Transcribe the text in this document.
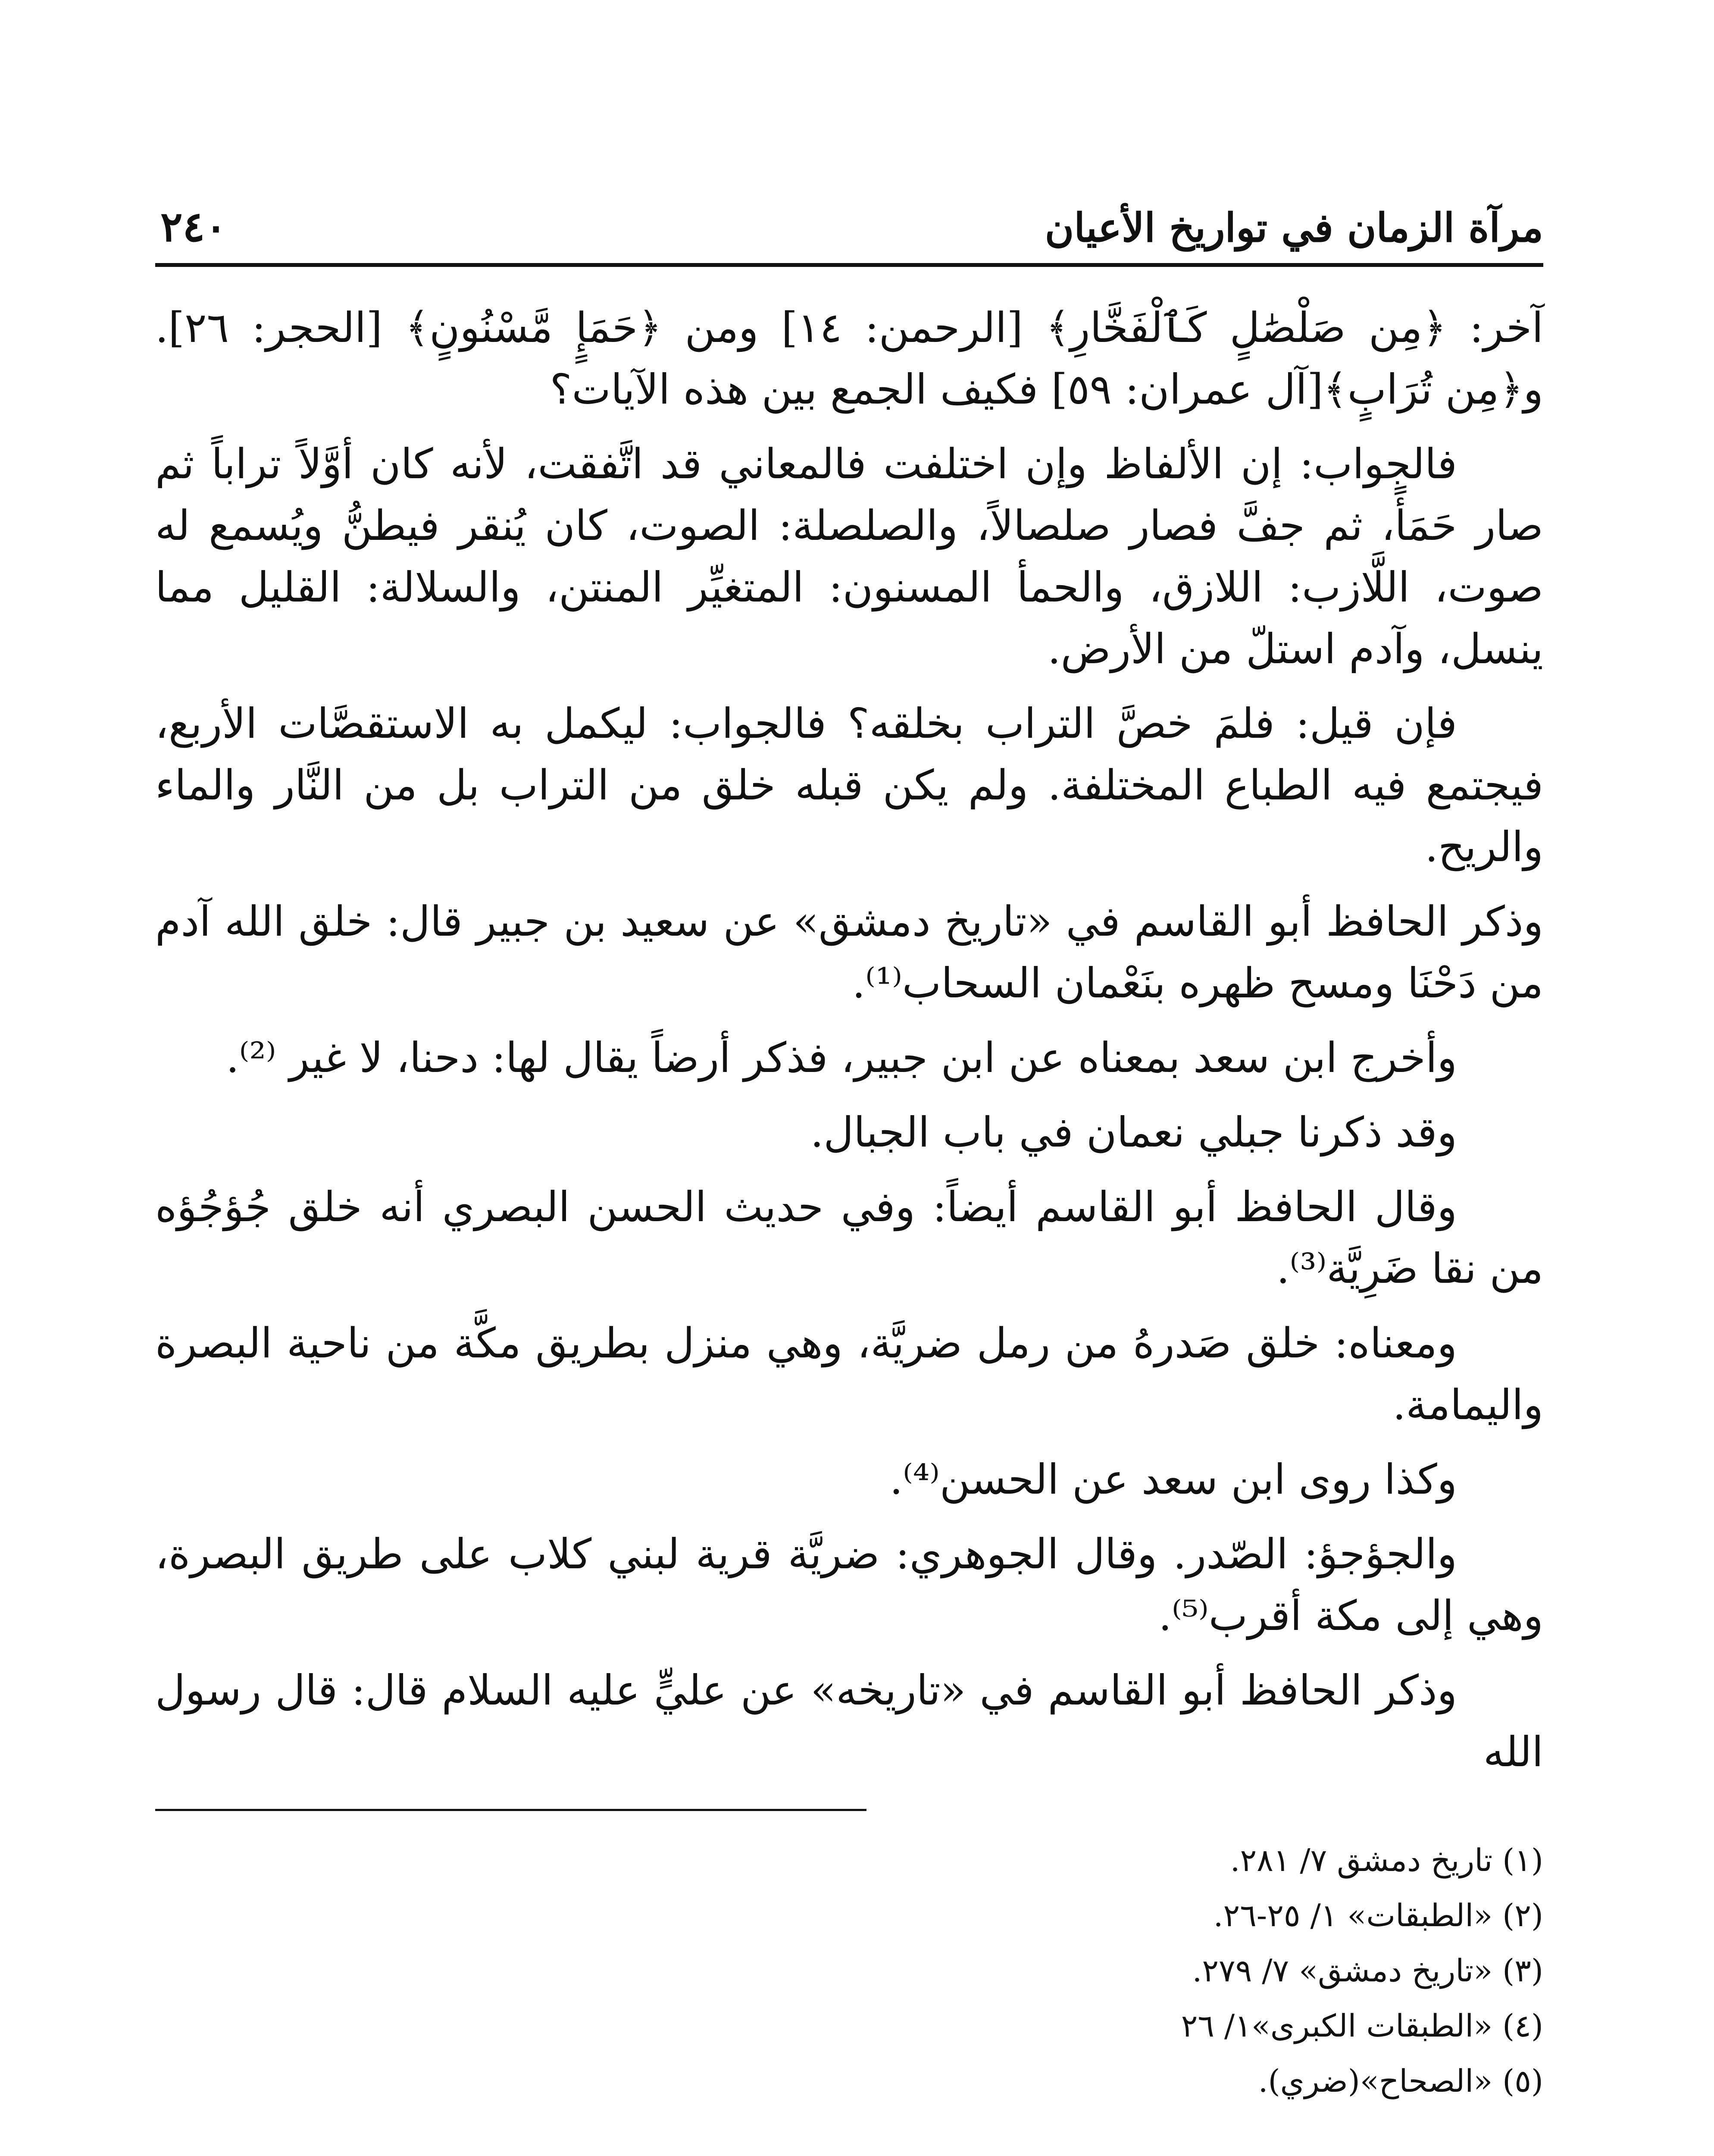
مرآة الزمان في تواريخ الأعيان
٢٤٠

آخر: ﴿مِن صَلْصَٰلٍ كَٱلْفَخَّارِ﴾ [الرحمن: ١٤] ومن ﴿حَمَإٍ مَّسْنُونٍ﴾ [الحجر: ٢٦]. و﴿مِن تُرَابٍ﴾[آل عمران: ٥٩] فكيف الجمع بين هذه الآيات؟

فالجواب: إن الألفاظ وإن اختلفت فالمعاني قد اتَّفقت، لأنه كان أوَّلاً تراباً ثم صار حَمَأً، ثم جفَّ فصار صلصالاً، والصلصلة: الصوت، كان يُنقر فيطنُّ ويُسمع له صوت، اللَّازب: اللازق، والحمأ المسنون: المتغيِّر المنتن، والسلالة: القليل مما ينسل، وآدم استلّ من الأرض.

فإن قيل: فلمَ خصَّ التراب بخلقه؟ فالجواب: ليكمل به الاستقصَّات الأربع، فيجتمع فيه الطباع المختلفة. ولم يكن قبله خلق من التراب بل من النَّار والماء والريح.

وذكر الحافظ أبو القاسم في «تاريخ دمشق» عن سعيد بن جبير قال: خلق الله آدم من دَحْنَا ومسح ظهره بنَعْمان السحاب⁽¹⁾.

وأخرج ابن سعد بمعناه عن ابن جبير، فذكر أرضاً يقال لها: دحنا، لا غير ⁽²⁾.

وقد ذكرنا جبلي نعمان في باب الجبال.

وقال الحافظ أبو القاسم أيضاً: وفي حديث الحسن البصري أنه خلق جُؤجُؤه من نقا ضَرِيَّة⁽³⁾.

ومعناه: خلق صَدرهُ من رمل ضريَّة، وهي منزل بطريق مكَّة من ناحية البصرة واليمامة.

وكذا روى ابن سعد عن الحسن⁽⁴⁾.

والجؤجؤ: الصّدر. وقال الجوهري: ضريَّة قرية لبني كلاب على طريق البصرة، وهي إلى مكة أقرب⁽⁵⁾.

وذكر الحافظ أبو القاسم في «تاريخه» عن عليٍّ عليه السلام قال: قال رسول الله

(١) تاريخ دمشق ٧/ ٢٨١.
(٢) «الطبقات» ١/ ٢٥-٢٦.
(٣) «تاريخ دمشق» ٧/ ٢٧٩.
(٤) «الطبقات الكبرى»١/ ٢٦
(٥) «الصحاح»(ضري).
